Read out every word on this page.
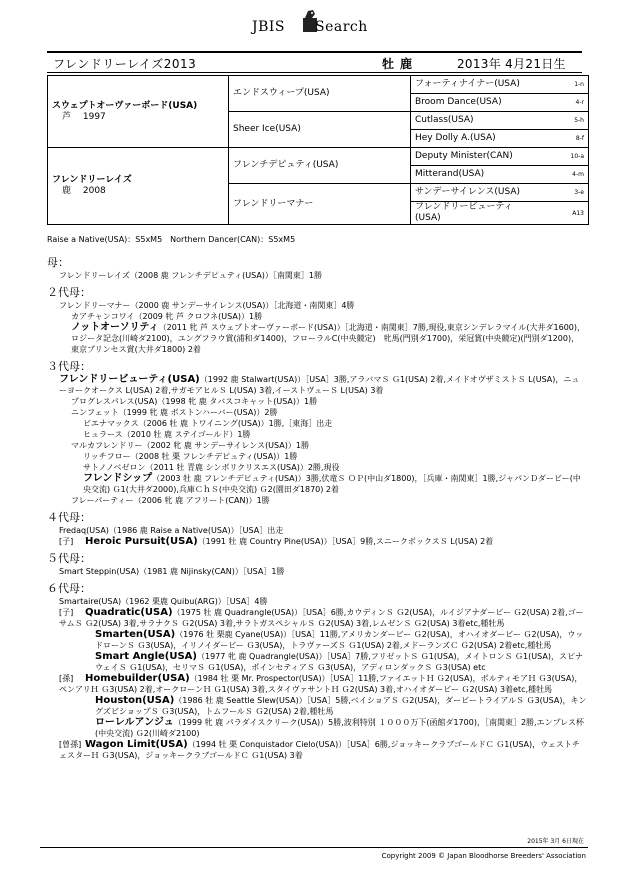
JBIS Search
フレンドリーレイズ2013	牡鹿	2013年 4月21日生
スウェプトオーヴァーボード(USA)
芦　 1997	エンドスウィープ(USA)	フォーティナイナー(USA)	1-n
		Broom Dance(USA)	4-r
	Sheer Ice(USA)	Cutlass(USA)	5-h
		Hey Dolly A.(USA)	8-f

フレンドリーレイズ
鹿　 2008	フレンチデピュティ(USA)	Deputy Minister(CAN)	10-a
		Mitterand(USA)	4-m
	フレンドリーマナー	サンデーサイレンス(USA)	3-e
		フレンドリービューティ(USA)	A13
Raise a Native(USA)：S5xM5　Northern Dancer(CAN)：S5xM5
母：
フレンドリーレイズ（2008 鹿 フレンチデピュティ(USA)）［南関東］1勝
２代母：
フレンドリーマナー（2000 鹿 サンデーサイレンス(USA)）［北海道・南関東］4勝
カアチャンコワイ（2009 牝 芦 クロフネ(USA)）1勝
ノットオーソリティ（2011 牝 芦 スウェプトオーヴァーボード(USA)）［北海道・南関東］7勝,現役,東京シンデレラマイル(大井ダ1600)，ロジータ記念(川崎ダ2100)，ユングフラウ賞(浦和ダ1400)，フローラルC(中央競定)　牝馬(門別ダ1700)，栄冠賞(中央競定)(門別ダ1200)，東京プリンセス賞(大井ダ1800) 2着
３代母：
フレンドリービューティ(USA)（1992 鹿 Stalwart(USA)）［USA］3勝,アラバマＳ Ｇ1(USA) 2着,メイドオヴザミストＳ L(USA)，ニューヨークオークス L(USA) 2着,サガモアヒルＳ L(USA) 3着,イーストヴューＳ L(USA) 3着
プログレスパレス(USA)（1998 牝 鹿 タバスコキャット(USA)）1勝
ニンフェット（1999 牝 鹿 ボストンハーバー(USA)）2勝
ビエナマックス（2006 牡 鹿 トワイニング(USA)）1勝,［東海］出走
ヒュラース（2010 牡 鹿 ステイゴールド）1勝
マルカフレンドリー（2002 牝 鹿 サンデーサイレンス(USA)）1勝
リッチフロー（2008 牡 栗 フレンチデピュティ(USA)）1勝
サトノノベゼロン（2011 牡 青鹿 シンボリクリスエス(USA)）2勝,現役
フレンドシップ（2003 牡 鹿 フレンチデピュティ(USA)）3勝,伏竜Ｓ ＯＰ(中山ダ1800)，［兵庫・南関東］1勝,ジャパンＤダービー(中央交流) Ｇ1(大井ダ2000),兵庫ＣｈＳ(中央交流) Ｇ2(園田ダ1870) 2着
フレーパーティー（2006 牝 鹿 アフリート(CAN)）1勝
４代母：
Fredaq(USA)（1986 鹿 Raise a Native(USA)）［USA］出走
[子] Heroic Pursuit(USA)（1991 牡 鹿 Country Pine(USA)）［USA］9勝,スニークボックスＳ L(USA) 2着
５代母：
Smart Steppin(USA)（1981 鹿 Nijinsky(CAN)）［USA］1勝
６代母：
Smartaire(USA)（1962 栗鹿 Quibu(ARG)）［USA］4勝
[子] Quadratic(USA)（1975 牡 鹿 Quadrangle(USA)）［USA］6勝,カウディンＳ Ｇ2(USA)，ルイジアナダービー Ｇ2(USA) 2着,ゴーサムＳ Ｇ2(USA) 3着,サラナクＳ Ｇ2(USA) 3着,サラトガスペシャルＳ Ｇ2(USA) 3着,レムゼンＳ Ｇ2(USA) 3着etc,種牡馬
Smarten(USA)（1976 牡 栗鹿 Cyane(USA)）［USA］11勝,アメリカンダービー Ｇ2(USA)，オハイオダービー Ｇ2(USA)，ウッドローンＳ Ｇ3(USA)，イリノイダービー Ｇ3(USA)，トラヴァーズＳ Ｇ1(USA) 2着,メドーランズＣ Ｇ2(USA) 2着etc,種牡馬
Smart Angle(USA)（1977 牝 鹿 Quadrangle(USA)）［USA］7勝,フリゼットＳ Ｇ1(USA)，メイトロンＳ Ｇ1(USA)，スピナウェイＳ Ｇ1(USA)，セリマＳ Ｇ1(USA)，ポインセティアＳ Ｇ3(USA)，アディロンダックＳ Ｇ3(USA) etc
[孫] Homebuilder(USA)（1984 牡 栗 Mr. Prospector(USA)）［USA］11勝,ファイエットＨ Ｇ2(USA)，ボルティモアＨ Ｇ3(USA)，ペンアリＨ Ｇ3(USA) 2着,オークローンＨ Ｇ1(USA) 3着,スタイヴァサントＨ Ｇ2(USA) 3着,オハイオダービー Ｇ2(USA) 3着etc,種牡馬
Houston(USA)（1986 牡 鹿 Seattle Slew(USA)）［USA］5勝,ベイショアＳ Ｇ2(USA)，ダービートライアルＳ Ｇ3(USA)，キングズビショップＳ Ｇ3(USA)，トムフールＳ Ｇ2(USA) 2着,種牡馬
ローレルアンジュ（1999 牝 鹿 パラダイスクリーク(USA)）5勝,波利特別 １０００万下(函館ダ1700)，［南関東］2勝,エンプレス杯(中央交流) Ｇ2(川崎ダ2100)
[曽孫] Wagon Limit(USA)（1994 牡 栗 Conquistador Cielo(USA)）［USA］6勝,ジョッキークラブゴールドＣ Ｇ1(USA)，ウェストチェスターＨ Ｇ3(USA)，ジョッキークラブゴールドＣ Ｇ1(USA) 3着
2015年 3月 6日現在
Copyright 2009 © Japan Bloodhorse Breeders' Association
